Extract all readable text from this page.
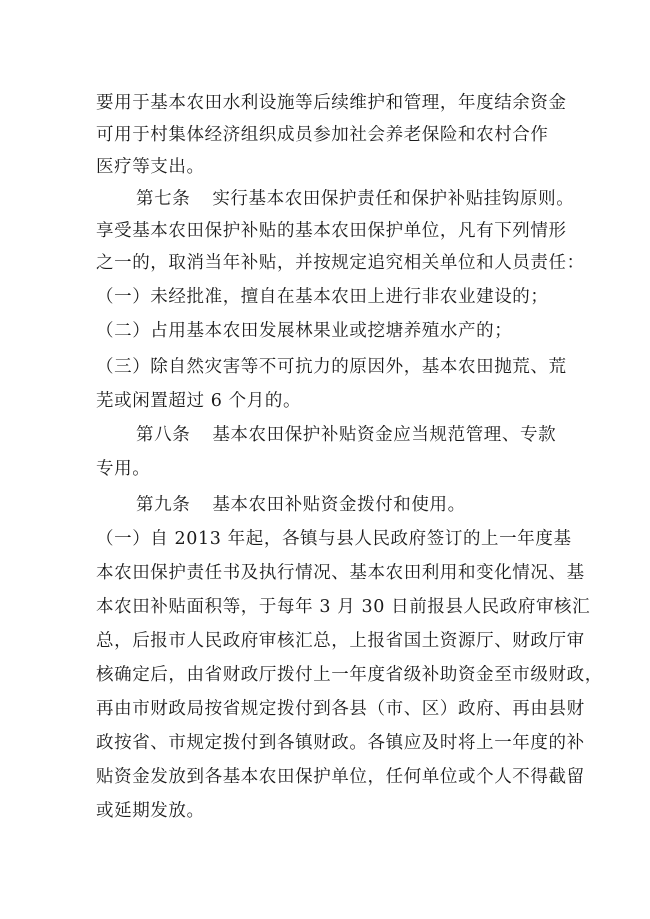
要用于基本农田水利设施等后续维护和管理，年度结余资金
可用于村集体经济组织成员参加社会养老保险和农村合作
医疗等支出。
第七条 实行基本农田保护责任和保护补贴挂钩原则。
享受基本农田保护补贴的基本农田保护单位，凡有下列情形
之一的，取消当年补贴，并按规定追究相关单位和人员责任：
（一）未经批准，擅自在基本农田上进行非农业建设的；
（二）占用基本农田发展林果业或挖塘养殖水产的；
（三）除自然灾害等不可抗力的原因外，基本农田抛荒、荒
芜或闲置超过 6 个月的。
第八条 基本农田保护补贴资金应当规范管理、专款
专用。
第九条 基本农田补贴资金拨付和使用。
（一）自 2013 年起，各镇与县人民政府签订的上一年度基
本农田保护责任书及执行情况、基本农田利用和变化情况、基
本农田补贴面积等，于每年 3 月 30 日前报县人民政府审核汇
总，后报市人民政府审核汇总，上报省国土资源厅、财政厅审
核确定后，由省财政厅拨付上一年度省级补助资金至市级财政，
再由市财政局按省规定拨付到各县（市、区）政府、再由县财
政按省、市规定拨付到各镇财政。各镇应及时将上一年度的补
贴资金发放到各基本农田保护单位，任何单位或个人不得截留
或延期发放。
